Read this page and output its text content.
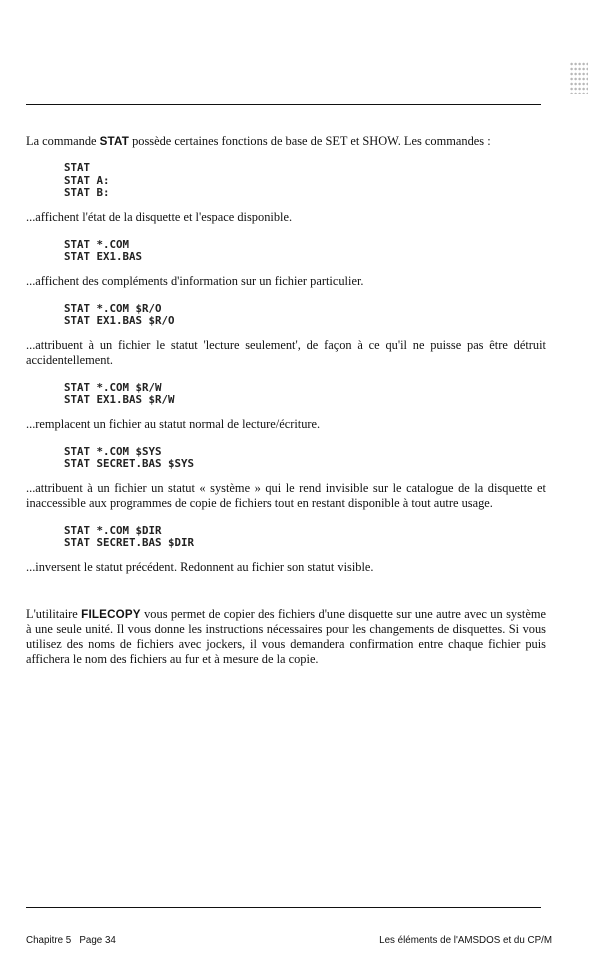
La commande STAT possède certaines fonctions de base de SET et SHOW. Les commandes :

STAT
STAT A:
STAT B:

...affichent l'état de la disquette et l'espace disponible.

STAT *.COM
STAT EX1.BAS

...affichent des compléments d'information sur un fichier particulier.

STAT *.COM $R/O
STAT EX1.BAS $R/O

...attribuent à un fichier le statut 'lecture seulement', de façon à ce qu'il ne puisse pas être détruit accidentellement.

STAT *.COM $R/W
STAT EX1.BAS $R/W

...remplacent un fichier au statut normal de lecture/écriture.

STAT *.COM $SYS
STAT SECRET.BAS $SYS

...attribuent à un fichier un statut « système » qui le rend invisible sur le catalogue de la disquette et inaccessible aux programmes de copie de fichiers tout en restant disponible à tout autre usage.

STAT *.COM $DIR
STAT SECRET.BAS $DIR

...inversent le statut précédent. Redonnent au fichier son statut visible.

L'utilitaire FILECOPY vous permet de copier des fichiers d'une disquette sur une autre avec un système à une seule unité. Il vous donne les instructions nécessaires pour les changements de disquettes. Si vous utilisez des noms de fichiers avec jockers, il vous demandera confirmation entre chaque fichier puis affichera le nom des fichiers au fur et à mesure de la copie.

Chapitre 5   Page 34	Les éléments de l'AMSDOS et du CP/M
